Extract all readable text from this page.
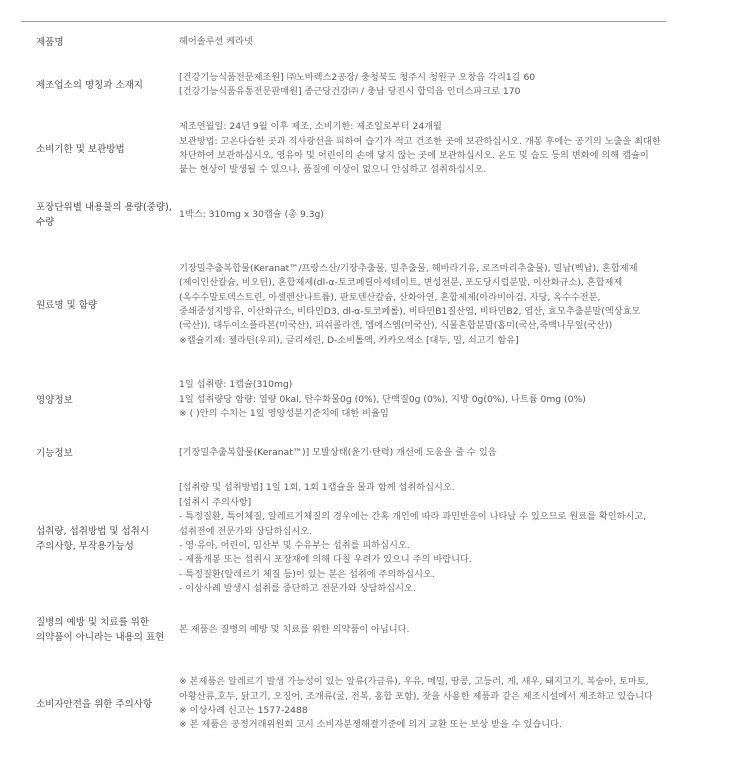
제품명	헤어솔루션 케라넷
제조업소의 명칭과 소재지
[건강기능식품전문제조원] ㈜노바렉스2공장/ 충청북도 청주시 청원구 오창읍 각리1길 60
[건강기능식품유통전문판매원] 종근당건강㈜ / 충남 당진시 합덕읍 인더스파크로 170
소비기한 및 보관방법
제조연월일: 24년 9월 이후 제조, 소비기한: 제조일로부터 24개월
보관방법: 고온다습한 곳과 직사광선을 피하여 습기가 적고 건조한 곳에 보관하십시오. 개봉 후에는 공기의 노출을 최대한 차단하여 보관하십시오, 영유아 및 어린이의 손에 닿지 않는 곳에 보관하십시오. 온도 및 습도 등의 변화에 의해 캡슐이 붙는 현상이 발생될 수 있으나, 품질에 이상이 없으니 안심하고 섭취하십시오.
포장단위별 내용물의 용량(중량), 수량
1박스: 310mg x 30캡슐 (총 9.3g)
원료명 및 함량
기장밀추출복합물(Keranat™/프랑스산/기장추출물, 밀추출물, 해바라기유, 로즈마리추출물), 밀납(벡납), 혼합제제(제이인산칼슘, 비오틴), 혼합제제(dl-α-토코페릴아세테이트, 변성전분, 포도당시럽분말, 이산화규소), 혼합제제(옥수수말토덱스트린, 아셀렌산나트륨), 판토텐산칼슘, 산화아연, 혼합제제(아라비아검, 자당, 옥수수전분, 중쇄중성지방유, 이산화규소, 비타민D3, dl-α-토코페롤), 비타민B1질산염, 비타민B2, 엽산, 효모추출분말(엑상효모(국산)), 대두이소플라본(미국산), 피쉬콜라겐, 엠에스엠(미국산), 식물혼합분말(홉미(국산,죽백나무잎(국산))
※캡슐기제: 젤라틴(우피), 글리세린, D-소비톨액, 카카오색소 [대두, 밀, 쇠고기 함유]
영양정보
1일 섭취량: 1캡슐(310mg)
1일 섭취량당 함량: 열량 0kal, 탄수화물0g (0%), 단백질0g (0%), 지방 0g(0%), 나트륨 0mg (0%)
※ ( )안의 수치는 1일 영양성분기준치에 대한 비율임
기능정보	[기장밀추출복합물(Keranat™)] 모발상태(윤기·탄력) 개선에 도움을 줄 수 있음
섭취량, 섭취방법 및 섭취시 주의사항, 부작용가능성
[섭취량 및 섭취방법] 1일 1회, 1회 1캡슐을 물과 함께 섭취하십시오.
[섭취시 주의사항]
- 특정질환, 특이체질, 알레르기체질의 경우에는 간혹 개인에 따라 과민반응이 나타날 수 있으므로 원료를 확인하시고, 섭취전에 전문가와 상담하십시오.
- 영·유아, 어린이, 임산부 및 수유부는 섭취를 피하십시오.
- 제품개봉 또는 섭취시 포장재에 의해 다칠 우려가 있으니 주의 바랍니다.
- 특정질환(알레르기 체질 등)이 있는 분은 섭취에 주의하십시오.
- 이상사례 발생시 섭취를 중단하고 전문가와 상담하십시오.
질병의 예방 및 치료를 위한 의약품이 아니라는 내용의 표현
본 제품은 질병의 예방 및 치료를 위한 의약품이 아닙니다.
소비자안전을 위한 주의사항
※ 본제품은 알레르기 발생 가능성이 있는 알류(가금류), 우유, 메밀, 땅콩, 고등러, 게, 새우, 돼지고기, 복숭아, 토마토, 아황산류,호두, 닭고기, 오징어, 조개류(굴, 전복, 홍합 포함), 잣을 사용한 제품과 같은 제조시설에서 제조하고 있습니다
※ 이상사례 신고는 1577-2488
※ 본 제품은 공정거래위원회 고시 소비자분쟁해결기준에 의거 교환 또는 보상 받을 수 있습니다.
